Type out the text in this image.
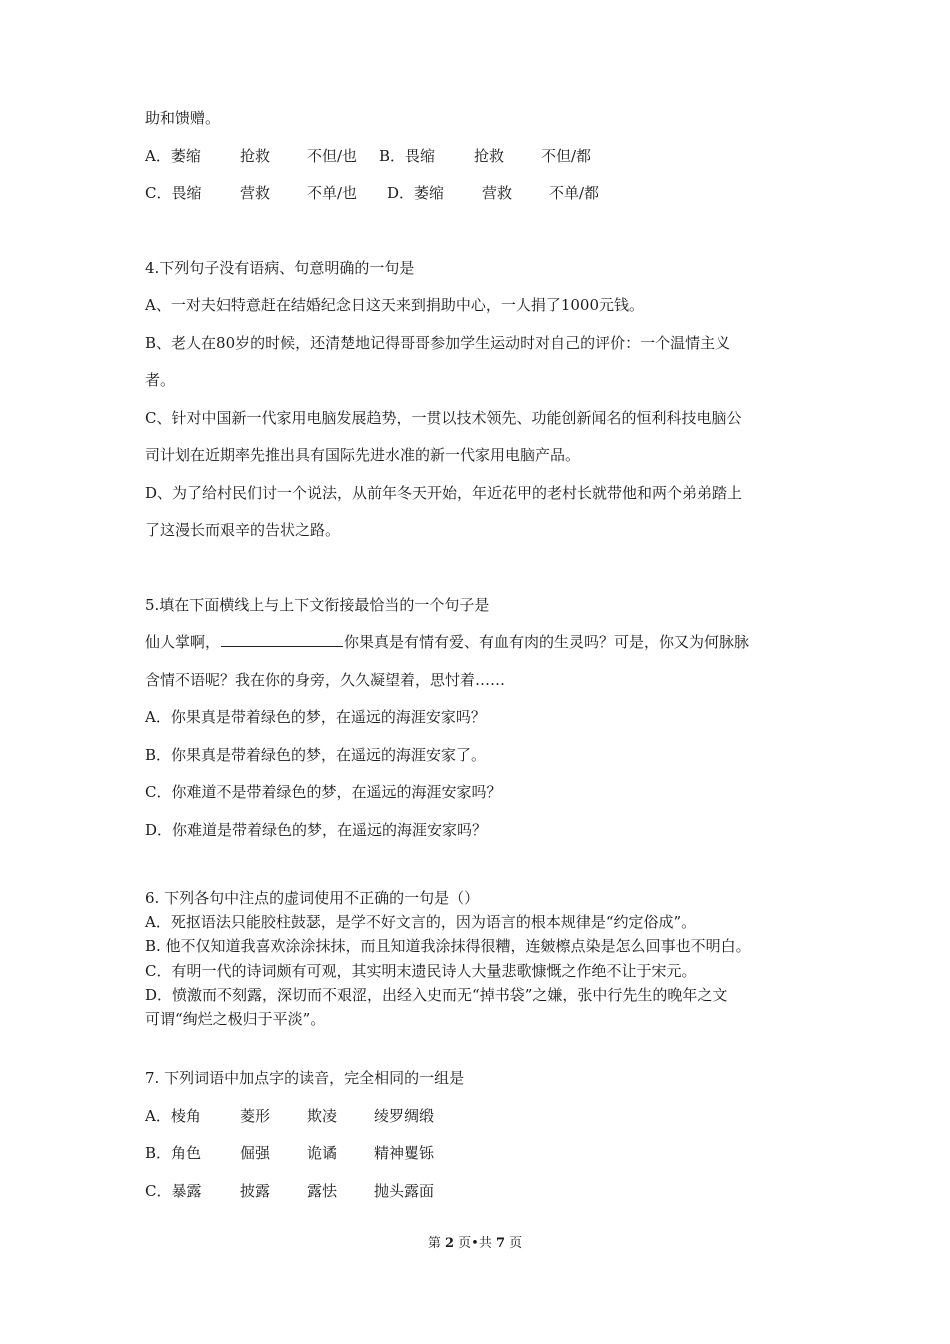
助和馈赠。
A．萎缩	抢救 不但/也 B．畏缩	抢救 不但/都
C．畏缩	营救 不单/也 D．萎缩	营救 不单/都
4.下列句子没有语病、句意明确的一句是
A、一对夫妇特意赶在结婚纪念日这天来到捐助中心，一人捐了1000元钱。
B、老人在80岁的时候，还清楚地记得哥哥参加学生运动时对自己的评价：一个温情主义
者。
C、针对中国新一代家用电脑发展趋势，一贯以技术领先、功能创新闻名的恒利科技电脑公
司计划在近期率先推出具有国际先进水准的新一代家用电脑产品。
D、为了给村民们讨一个说法，从前年冬天开始，年近花甲的老村长就带他和两个弟弟踏上
了这漫长而艰辛的告状之路。
5.填在下面横线上与上下文衔接最恰当的一个句子是
仙人掌啊，	你果真是有情有爱、有血有肉的生灵吗？可是，你又为何脉脉
含情不语呢？我在你的身旁，久久凝望着，思忖着……
A．你果真是带着绿色的梦，在遥远的海涯安家吗？
B．你果真是带着绿色的梦，在遥远的海涯安家了。
C．你难道不是带着绿色的梦，在遥远的海涯安家吗？
D．你难道是带着绿色的梦，在遥远的海涯安家吗？
6. 下列各句中注点的虚词使用不正确的一句是（）
A．死抠语法只能胶柱鼓瑟，是学不好文言的，因为语言的根本规律是“约定俗成”。
B. 他不仅知道我喜欢涂涂抹抹，而且知道我涂抹得很糟，连皴檫点染是怎么回事也不明白。
C．有明一代的诗词颇有可观，其实明末遗民诗人大量悲歌慷慨之作绝不让于宋元。
D．愤激而不刻露，深切而不艰涩，出经入史而无“掉书袋”之嫌，张中行先生的晚年之文
可谓“绚烂之极归于平淡”。
7. 下列词语中加点字的读音，完全相同的一组是
A．棱角	菱形 欺凌 绫罗绸缎
B．角色	倔强 诡谲 精神矍铄
C．暴露	披露 露怯 抛头露面
第 2 页•共 7 页
